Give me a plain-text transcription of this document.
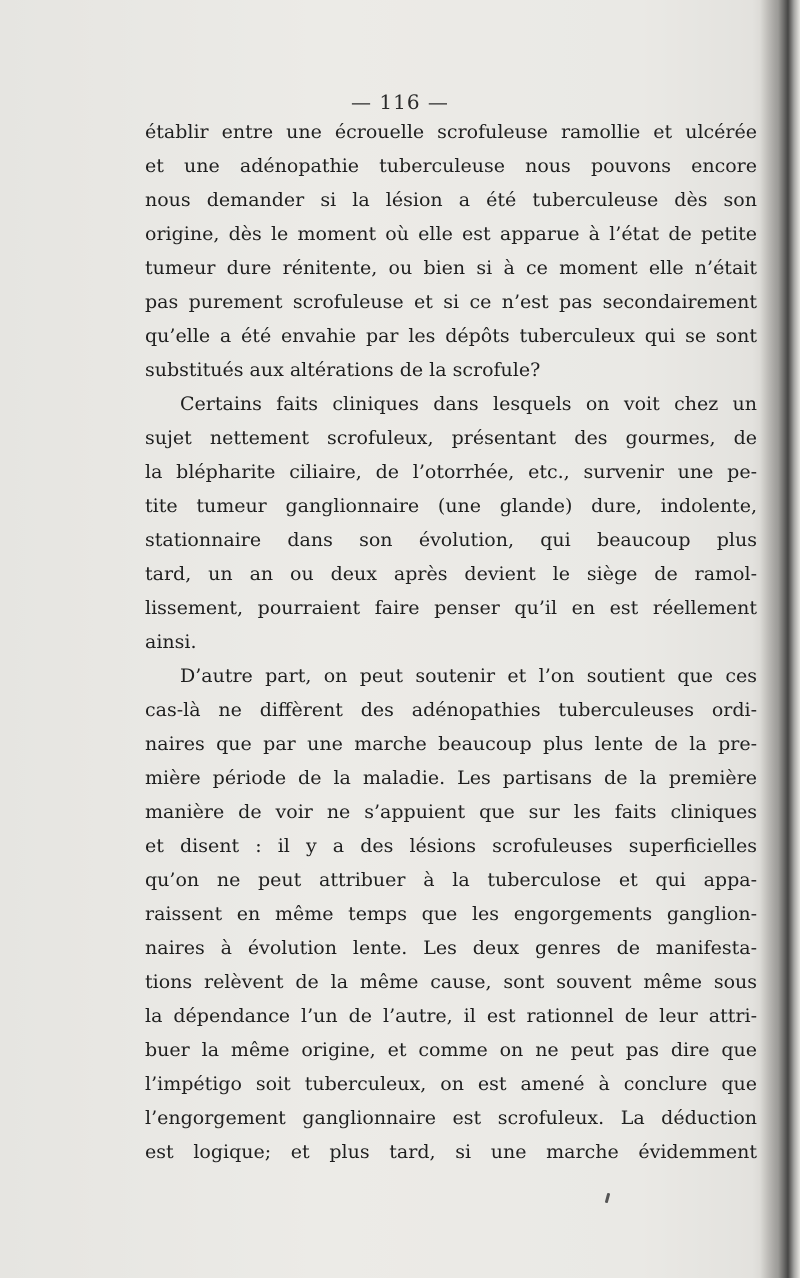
— 116 —
établir entre une écrouelle scrofuleuse ramollie et ulcérée
et une adénopathie tuberculeuse nous pouvons encore
nous demander si la lésion a été tuberculeuse dès son
origine, dès le moment où elle est apparue à l’état de petite
tumeur dure rénitente, ou bien si à ce moment elle n’était
pas purement scrofuleuse et si ce n’est pas secondairement
qu’elle a été envahie par les dépôts tuberculeux qui se sont
substitués aux altérations de la scrofule?
Certains faits cliniques dans lesquels on voit chez un
sujet nettement scrofuleux, présentant des gourmes, de
la blépharite ciliaire, de l’otorrhée, etc., survenir une pe-
tite tumeur ganglionnaire (une glande) dure, indolente,
stationnaire dans son évolution, qui beaucoup plus
tard, un an ou deux après devient le siège de ramol-
lissement, pourraient faire penser qu’il en est réellement
ainsi.
D’autre part, on peut soutenir et l’on soutient que ces
cas-là ne diffèrent des adénopathies tuberculeuses ordi-
naires que par une marche beaucoup plus lente de la pre-
mière période de la maladie. Les partisans de la première
manière de voir ne s’appuient que sur les faits cliniques
et disent : il y a des lésions scrofuleuses superficielles
qu’on ne peut attribuer à la tuberculose et qui appa-
raissent en même temps que les engorgements ganglion-
naires à évolution lente. Les deux genres de manifesta-
tions relèvent de la même cause, sont souvent même sous
la dépendance l’un de l’autre, il est rationnel de leur attri-
buer la même origine, et comme on ne peut pas dire que
l’impétigo soit tuberculeux, on est amené à conclure que
l’engorgement ganglionnaire est scrofuleux. La déduction
est logique; et plus tard, si une marche évidemment
